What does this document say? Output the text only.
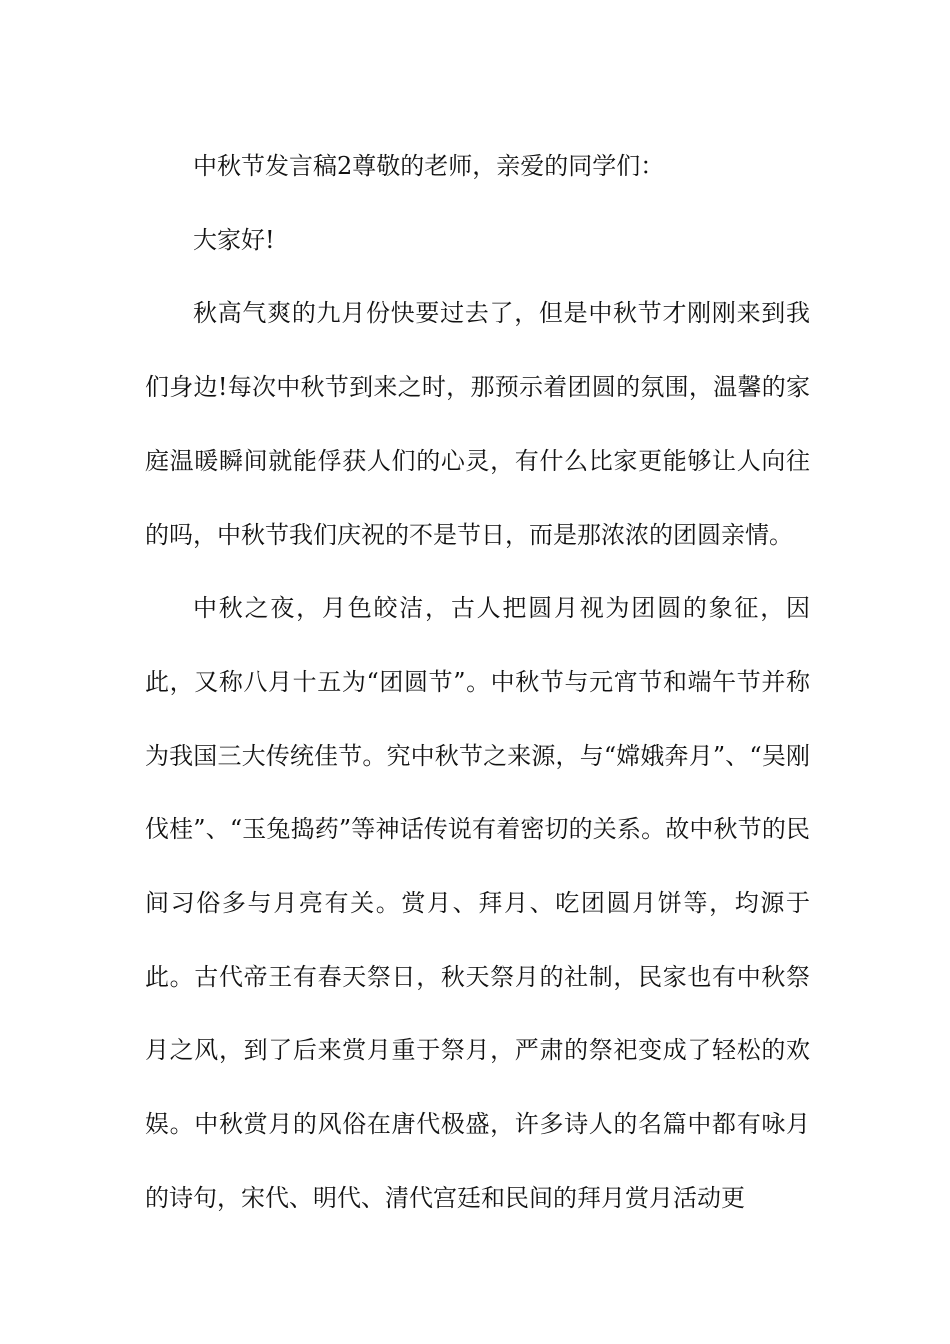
中秋节发言稿2尊敬的老师，亲爱的同学们：

大家好!

秋高气爽的九月份快要过去了，但是中秋节才刚刚来到我们身边!每次中秋节到来之时，那预示着团圆的氛围，温馨的家庭温暖瞬间就能俘获人们的心灵，有什么比家更能够让人向往的吗，中秋节我们庆祝的不是节日，而是那浓浓的团圆亲情。

中秋之夜，月色皎洁，古人把圆月视为团圆的象征，因此，又称八月十五为“团圆节”。中秋节与元宵节和端午节并称为我国三大传统佳节。究中秋节之来源，与“嫦娥奔月”、“吴刚伐桂”、“玉兔捣药”等神话传说有着密切的关系。故中秋节的民间习俗多与月亮有关。赏月、拜月、吃团圆月饼等，均源于此。古代帝王有春天祭日，秋天祭月的社制，民家也有中秋祭月之风，到了后来赏月重于祭月，严肃的祭祀变成了轻松的欢娱。中秋赏月的风俗在唐代极盛，许多诗人的名篇中都有咏月的诗句，宋代、明代、清代宫廷和民间的拜月赏月活动更
